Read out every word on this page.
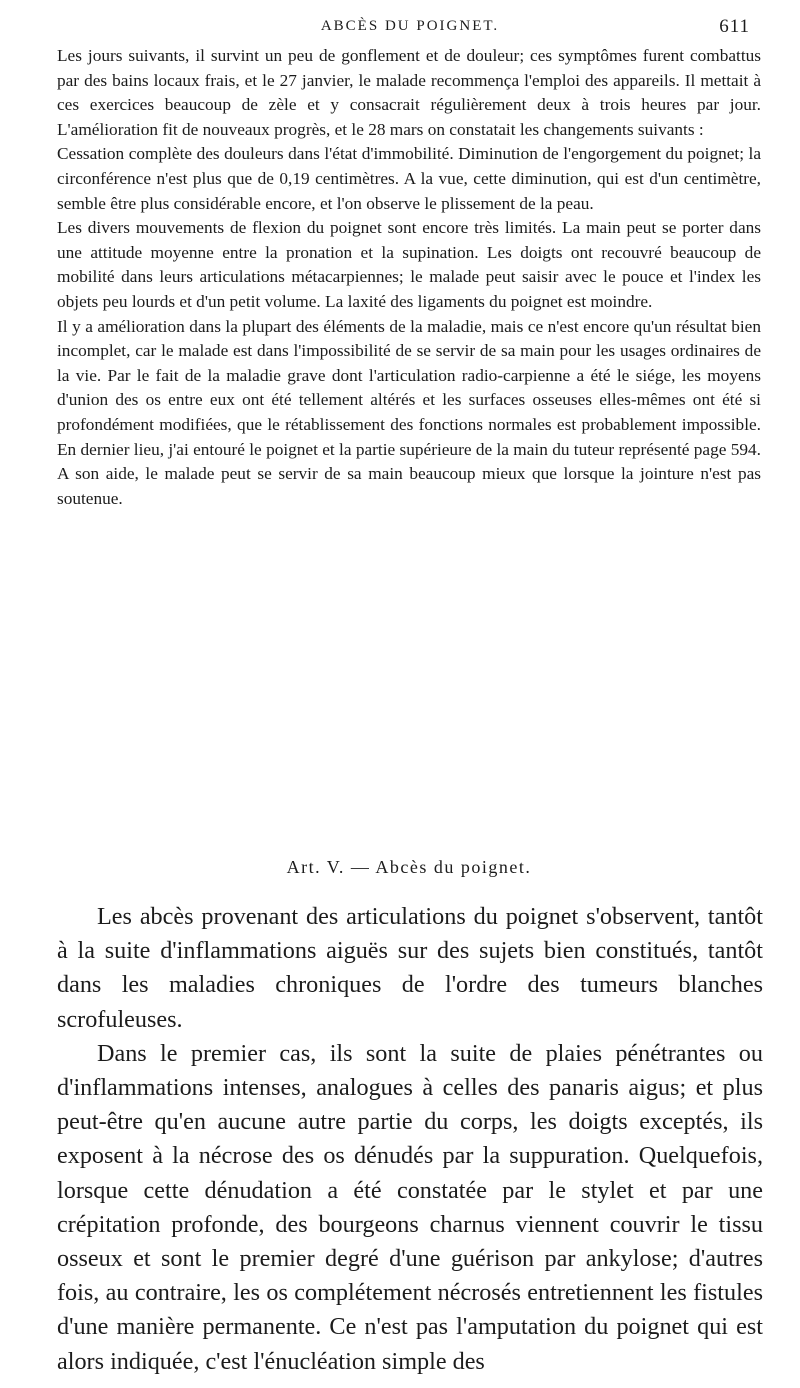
ABCÈS DU POIGNET.	611

Les jours suivants, il survint un peu de gonflement et de douleur; ces symptômes furent combattus par des bains locaux frais, et le 27 janvier, le malade recommença l'emploi des appareils. Il mettait à ces exercices beaucoup de zèle et y consacrait régulièrement deux à trois heures par jour. L'amélioration fit de nouveaux progrès, et le 28 mars on constatait les changements suivants :

Cessation complète des douleurs dans l'état d'immobilité. Diminution de l'engorgement du poignet; la circonférence n'est plus que de 0,19 centimètres. A la vue, cette diminution, qui est d'un centimètre, semble être plus considérable encore, et l'on observe le plissement de la peau.

Les divers mouvements de flexion du poignet sont encore très limités. La main peut se porter dans une attitude moyenne entre la pronation et la supination. Les doigts ont recouvré beaucoup de mobilité dans leurs articulations métacarpiennes; le malade peut saisir avec le pouce et l'index les objets peu lourds et d'un petit volume. La laxité des ligaments du poignet est moindre.

Il y a amélioration dans la plupart des éléments de la maladie, mais ce n'est encore qu'un résultat bien incomplet, car le malade est dans l'impossibilité de se servir de sa main pour les usages ordinaires de la vie. Par le fait de la maladie grave dont l'articulation radio-carpienne a été le siége, les moyens d'union des os entre eux ont été tellement altérés et les surfaces osseuses elles-mêmes ont été si profondément modifiées, que le rétablissement des fonctions normales est probablement impossible. En dernier lieu, j'ai entouré le poignet et la partie supérieure de la main du tuteur représenté page 594. A son aide, le malade peut se servir de sa main beaucoup mieux que lorsque la jointure n'est pas soutenue.

Art. V. — Abcès du poignet.

Les abcès provenant des articulations du poignet s'observent, tantôt à la suite d'inflammations aiguës sur des sujets bien constitués, tantôt dans les maladies chroniques de l'ordre des tumeurs blanches scrofuleuses.

Dans le premier cas, ils sont la suite de plaies pénétrantes ou d'inflammations intenses, analogues à celles des panaris aigus; et plus peut-être qu'en aucune autre partie du corps, les doigts exceptés, ils exposent à la nécrose des os dénudés par la suppuration. Quelquefois, lorsque cette dénudation a été constatée par le stylet et par une crépitation profonde, des bourgeons charnus viennent couvrir le tissu osseux et sont le premier degré d'une guérison par ankylose; d'autres fois, au contraire, les os complétement nécrosés entretiennent les fistules d'une manière permanente. Ce n'est pas l'amputation du poignet qui est alors indiquée, c'est l'énucléation simple des
